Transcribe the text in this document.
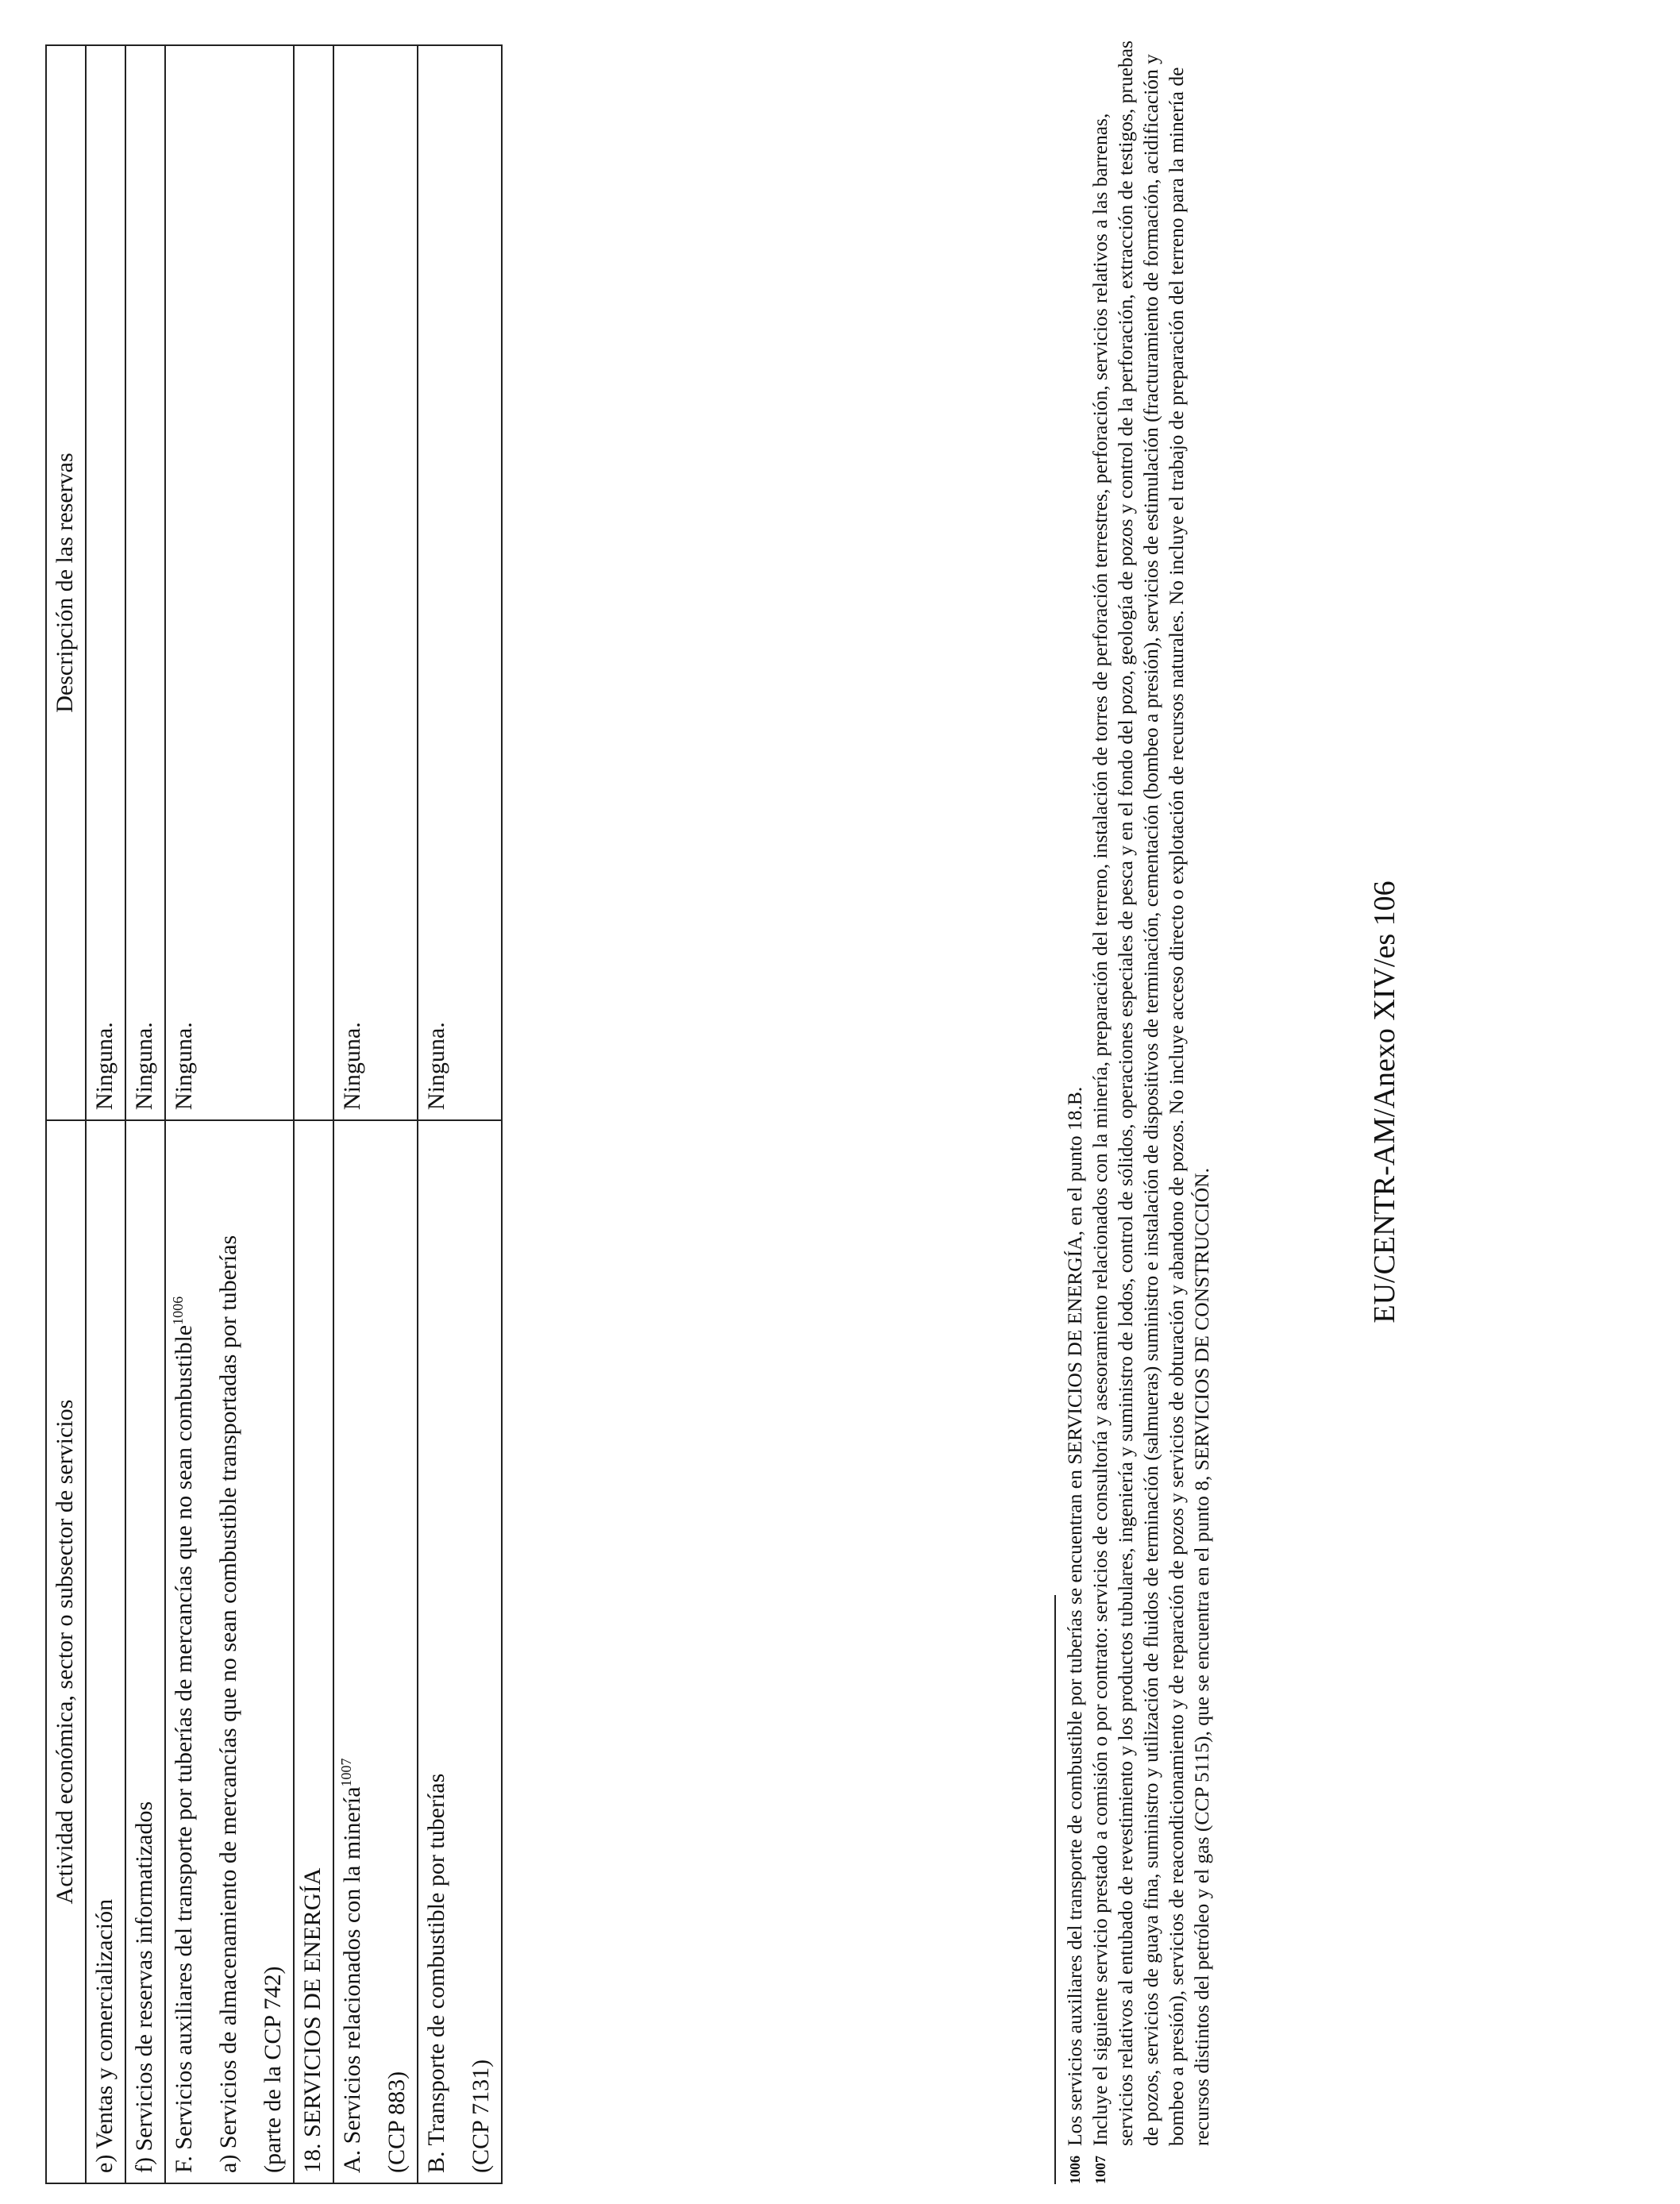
Actividad económica, sector o subsector de servicios	Descripción de las reservas

e) Ventas y comercialización	Ninguna.

f) Servicios de reservas informatizados	Ninguna.

F. Servicios auxiliares del transporte por tuberías de mercancías que no sean combustible$^{1006}$ a) Servicios de almacenamiento de mercancías que no sean combustible transportadas por tuberías (parte de la CCP 742)	Ninguna.

18. SERVICIOS DE ENERGÍA	

A. Servicios relacionados con la minería$^{1007}$
(CCP 883)	Ninguna.

B. Transporte de combustible por tuberías (CCP 7131)	Ninguna.
1006
Los servicios auxiliares del transporte de combustible por tuberías se encuentran en SERVICIOS DE ENERGÍA, en el punto 18.B.
1007
Incluye el siguiente servicio prestado a comisión o por contrato: servicios de consultoría y asesoramiento relacionados con la minería, preparación del terreno, instalación de torres de perforación terrestres, perforación, servicios relativos a las barrenas, servicios relativos al entubado de revestimiento y los productos tubulares, ingeniería y suministro de lodos, control de sólidos, operaciones especiales de pesca y en el fondo del pozo, geología de pozos y control de la perforación, extracción de testigos, pruebas de pozos, servicios de guaya fina, suministro y utilización de fluidos de terminación (salmueras) suministro e instalación de dispositivos de terminación, cementación (bombeo a presión), servicios de estimulación (fracturamiento de formación, acidificación y bombeo a presión), servicios de reacondicionamiento y de reparación de pozos y servicios de obturación y abandono de pozos. No incluye acceso directo o explotación de recursos naturales. No incluye el trabajo de preparación del terreno para la minería de recursos distintos del petróleo y el gas (CCP 5115), que se encuentra en el punto 8, SERVICIOS DE CONSTRUCCIÓN.
EU/CENTR-AM/Anexo XIV/es 106
